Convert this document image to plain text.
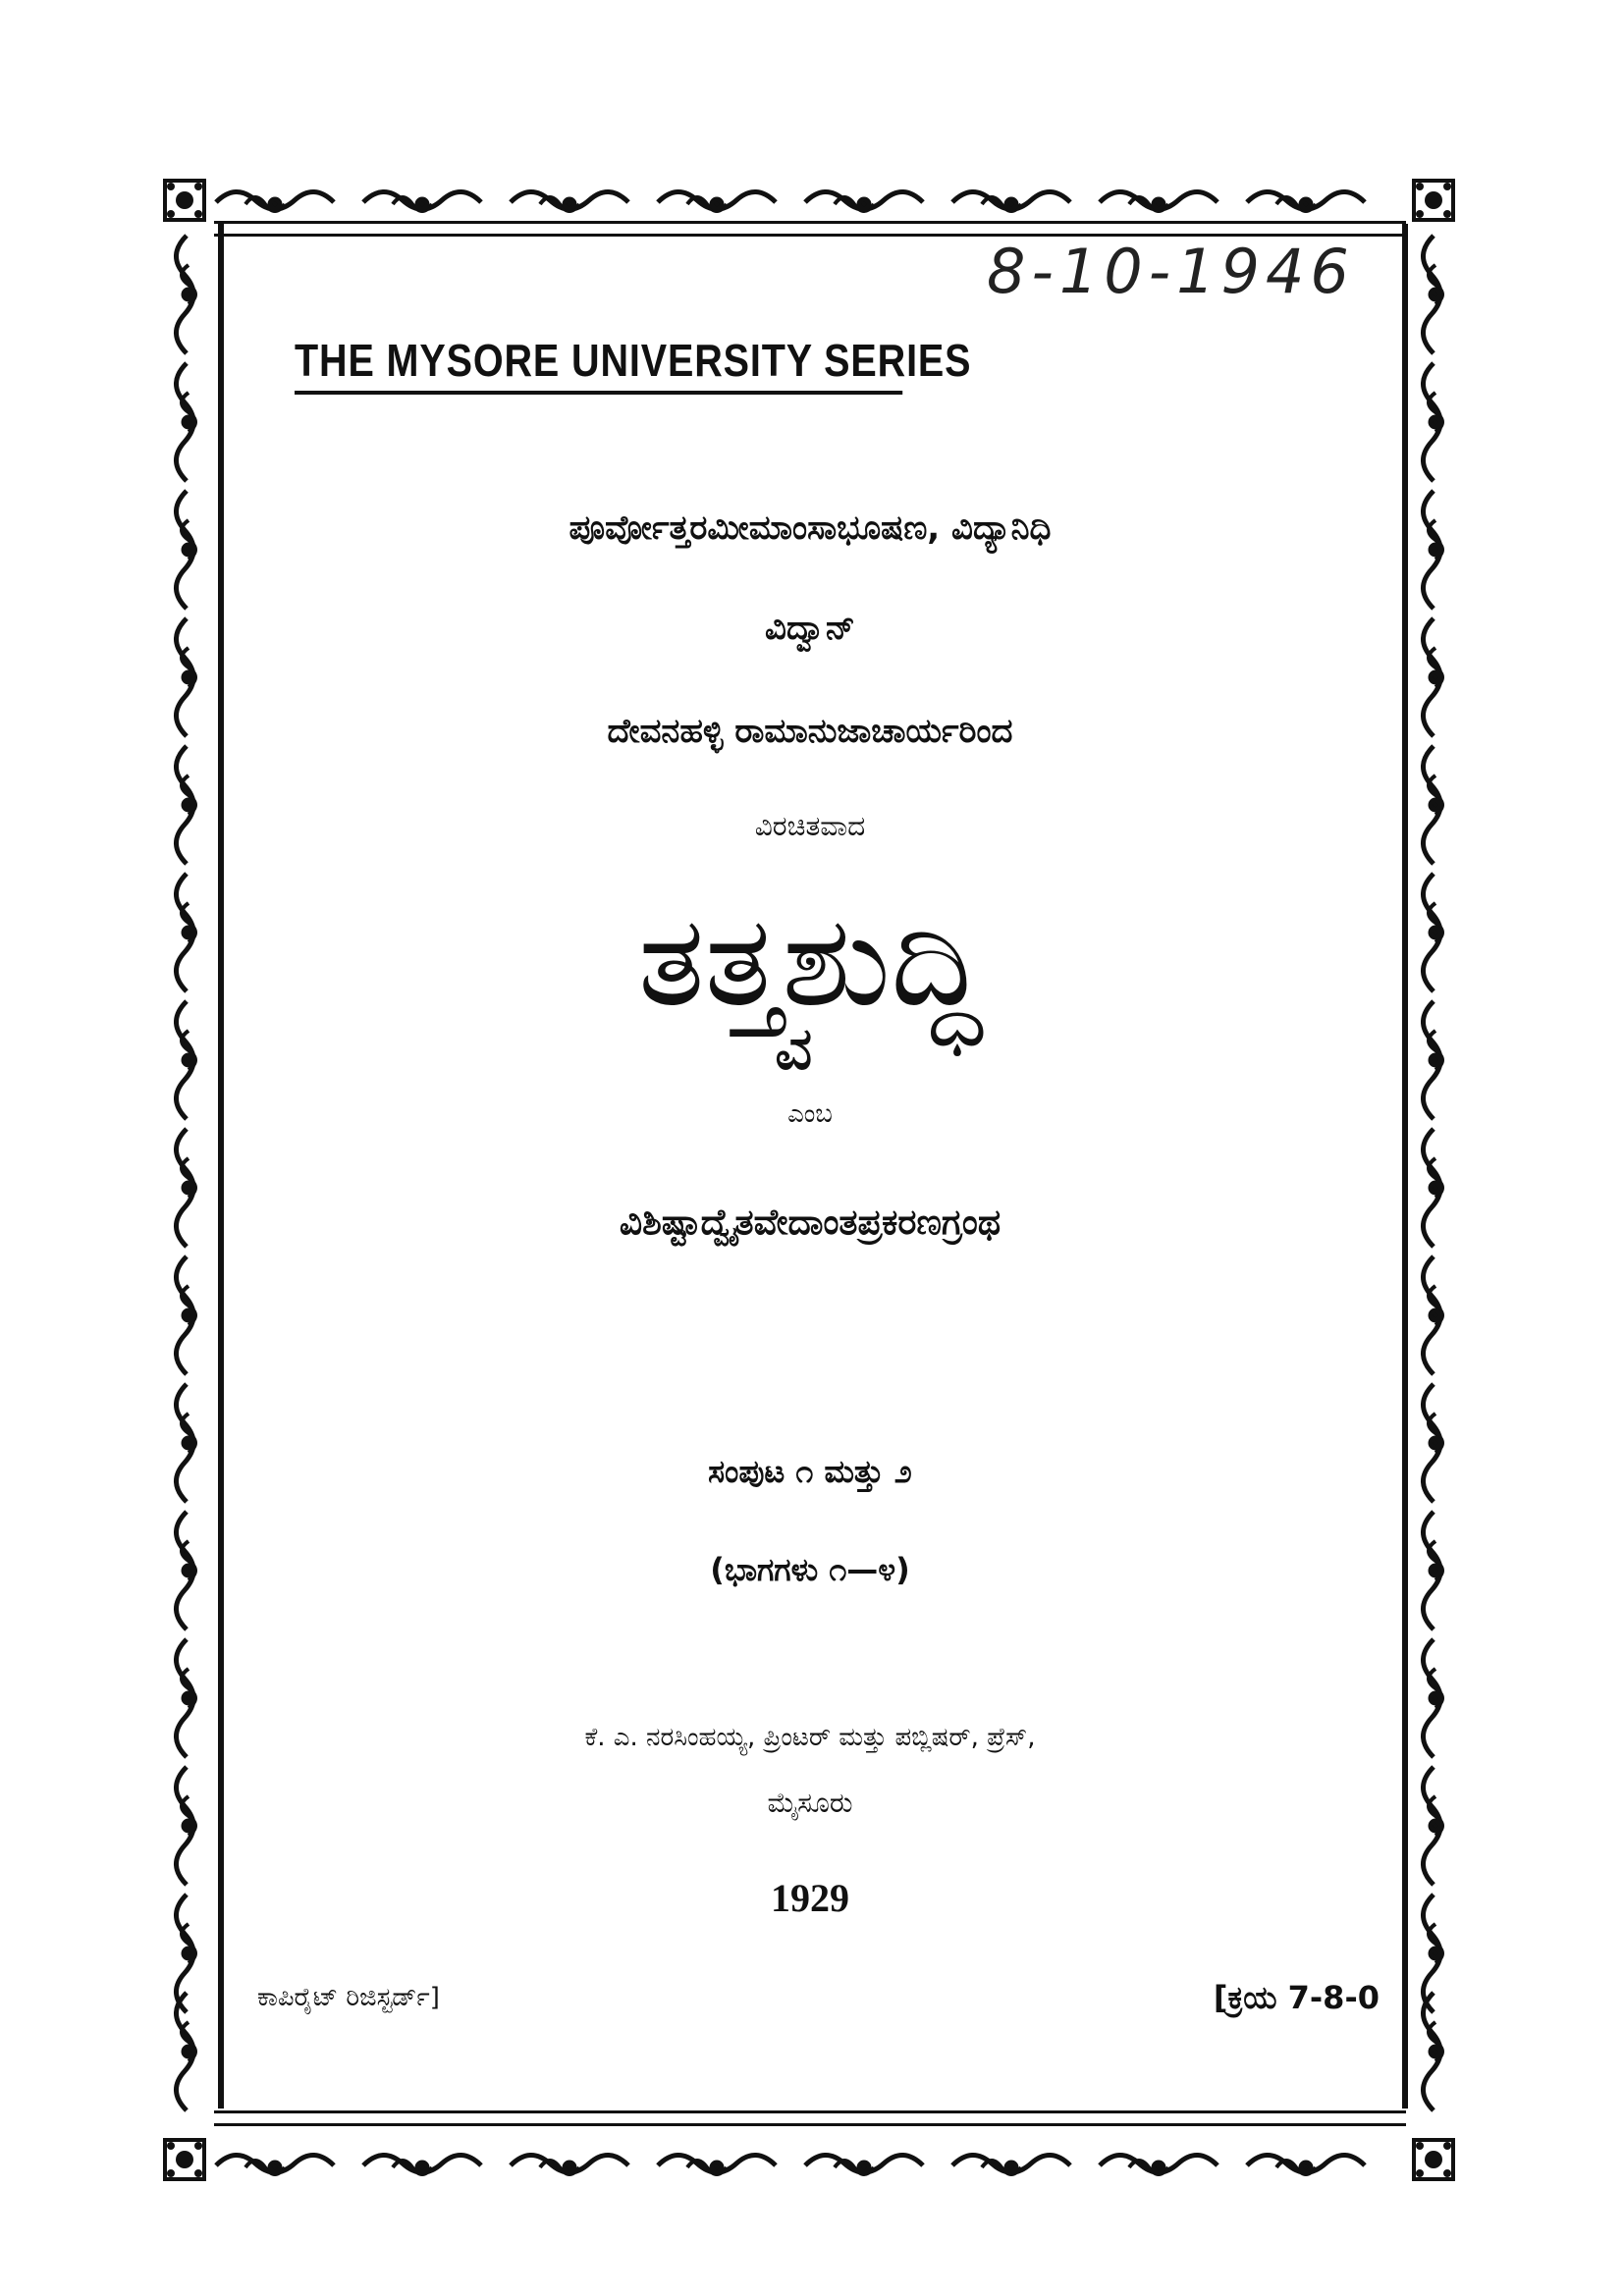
8-10-1946
THE MYSORE UNIVERSITY SERIES
ಪೂರ್ವೋತ್ತರಮೀಮಾಂಸಾಭೂಷಣ, ವಿದ್ಯಾನಿಧಿ
ವಿದ್ವಾನ್
ದೇವನಹಳ್ಳಿ ರಾಮಾನುಜಾಚಾರ್ಯರಿಂದ
ವಿರಚಿತವಾದ
ತತ್ತ್ವಶುದ್ಧಿ
ಎಂಬ
ವಿಶಿಷ್ಟಾದ್ವೈತವೇದಾಂತಪ್ರಕರಣಗ್ರಂಥ
ಸಂಪುಟ ೧ ಮತ್ತು ೨
(ಭಾಗಗಳು ೧—೪)
ಕೆ. ಎ. ನರಸಿಂಹಯ್ಯ, ಪ್ರಿಂಟರ್ ಮತ್ತು ಪಬ್ಲಿಷರ್, ಪ್ರೆಸ್,
ಮೈಸೂರು
1929
ಕಾಪಿರೈಟ್ ರಿಜಿಸ್ಟರ್ಡ್]	[ಕ್ರಯ 7-8-0
